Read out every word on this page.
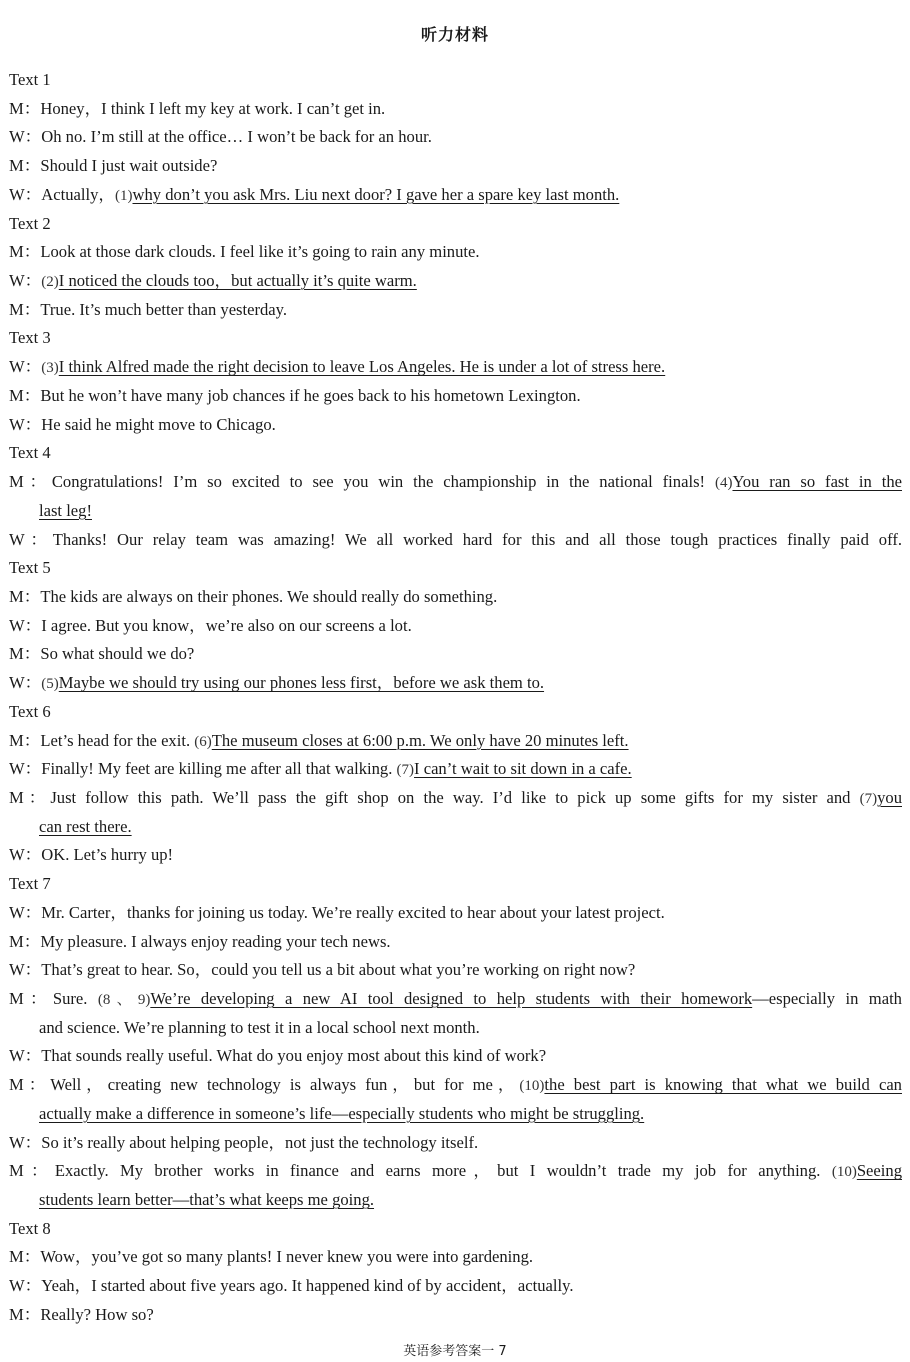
听力材料
Text 1
M：Honey，I think I left my key at work. I can’t get in.
W：Oh no. I’m still at the office… I won’t be back for an hour.
M：Should I just wait outside?
W：Actually，(1)why don’t you ask Mrs. Liu next door? I gave her a spare key last month.
Text 2
M：Look at those dark clouds. I feel like it’s going to rain any minute.
W：(2)I noticed the clouds too，but actually it’s quite warm.
M：True. It’s much better than yesterday.
Text 3
W：(3)I think Alfred made the right decision to leave Los Angeles. He is under a lot of stress here.
M：But he won’t have many job chances if he goes back to his hometown Lexington.
W：He said he might move to Chicago.
Text 4
M：Congratulations! I’m so excited to see you win the championship in the national finals! (4)You ran so fast in the
last leg!
W：Thanks! Our relay team was amazing! We all worked hard for this and all those tough practices finally paid off.
Text 5
M：The kids are always on their phones. We should really do something.
W：I agree. But you know，we’re also on our screens a lot.
M：So what should we do?
W：(5)Maybe we should try using our phones less first，before we ask them to.
Text 6
M：Let’s head for the exit. (6)The museum closes at 6:00 p.m. We only have 20 minutes left.
W：Finally! My feet are killing me after all that walking. (7)I can’t wait to sit down in a cafe.
M：Just follow this path. We’ll pass the gift shop on the way. I’d like to pick up some gifts for my sister and (7)you
can rest there.
W：OK. Let’s hurry up!
Text 7
W：Mr. Carter，thanks for joining us today. We’re really excited to hear about your latest project.
M：My pleasure. I always enjoy reading your tech news.
W：That’s great to hear. So，could you tell us a bit about what you’re working on right now?
M：Sure. (8、9)We’re developing a new AI tool designed to help students with their homework—especially in math
and science. We’re planning to test it in a local school next month.
W：That sounds really useful. What do you enjoy most about this kind of work?
M：Well，creating new technology is always fun，but for me，(10)the best part is knowing that what we build can
actually make a difference in someone’s life—especially students who might be struggling.
W：So it’s really about helping people，not just the technology itself.
M：Exactly. My brother works in finance and earns more，but I wouldn’t trade my job for anything. (10)Seeing
students learn better—that’s what keeps me going.
Text 8
M：Wow，you’ve got so many plants! I never knew you were into gardening.
W：Yeah，I started about five years ago. It happened kind of by accident，actually.
M：Really? How so?
英语参考答案一 7
